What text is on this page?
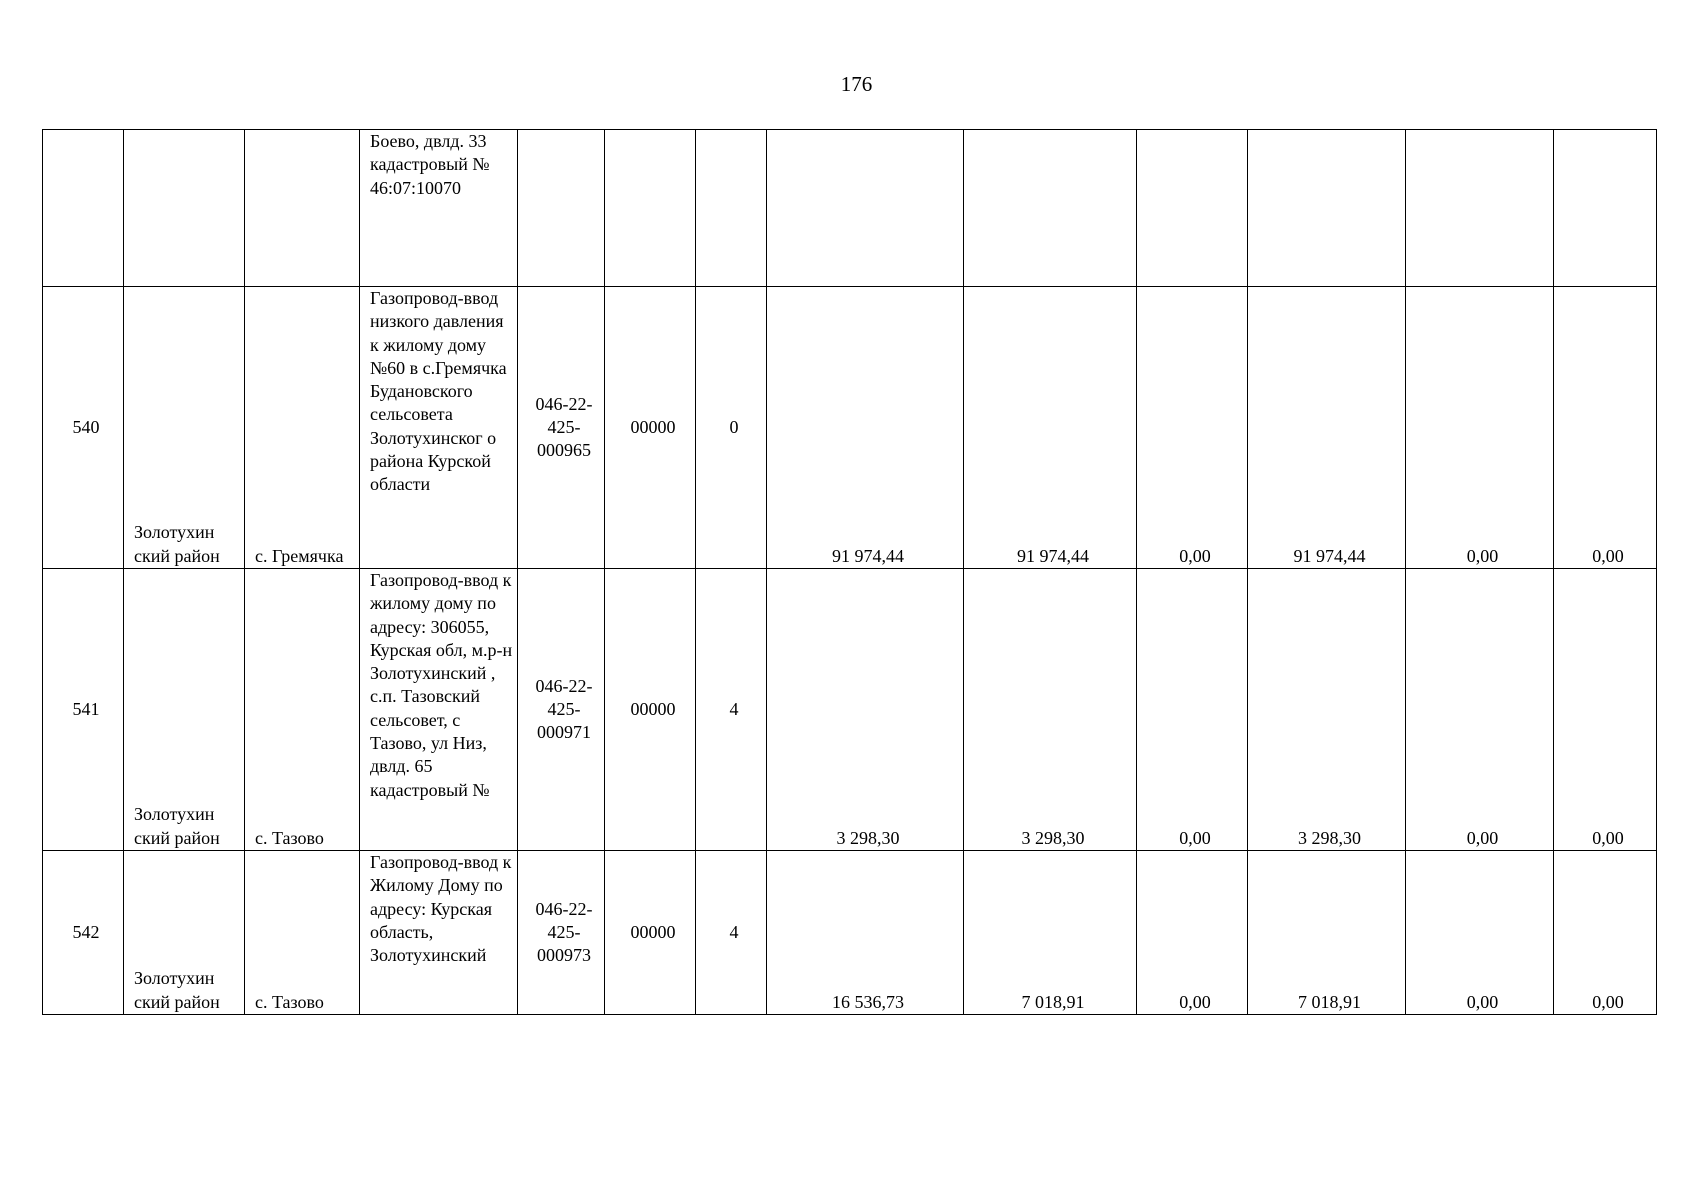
176
			Боево, двлд. 33 кадастровый № 46:07:10070									
540	Золотухин ский район	с. Гремячка	Газопровод-ввод низкого давления к жилому дому №60 в с.Гремячка Будановского сельсовета Золотухинског о района Курской области	046-22-425-000965	00000	0	91 974,44	91 974,44	0,00	91 974,44	0,00	0,00
541	Золотухин ский район	с. Тазово	Газопровод-ввод к жилому дому по адресу: 306055, Курская обл, м.р-н Золотухинский , с.п. Тазовский сельсовет, с Тазово, ул Низ, двлд. 65 кадастровый №	046-22-425-000971	00000	4	3 298,30	3 298,30	0,00	3 298,30	0,00	0,00
542	Золотухин ский район	с. Тазово	Газопровод-ввод к Жилому Дому по адресу: Курская область, Золотухинский	046-22-425-000973	00000	4	16 536,73	7 018,91	0,00	7 018,91	0,00	0,00
